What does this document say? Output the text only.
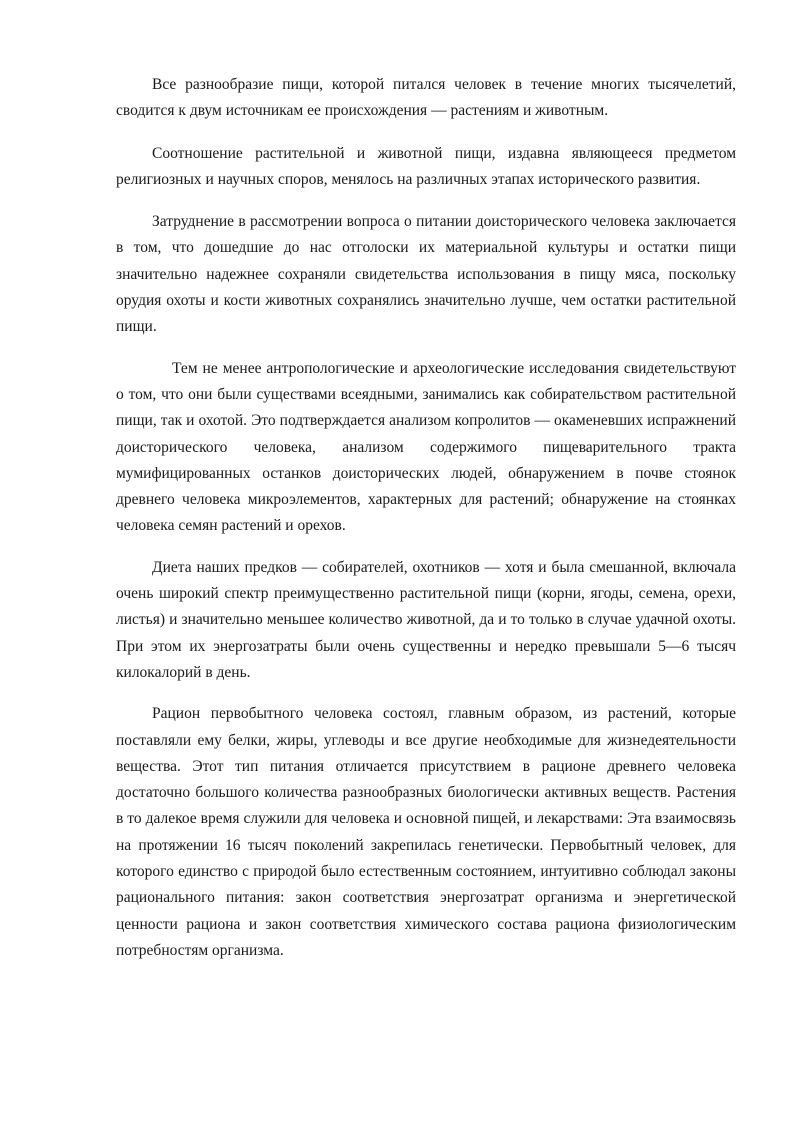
Все разнообразие пищи, которой питался человек в течение многих тысячелетий, сводится к двум источникам ее происхождения — растениям и животным.

Соотношение растительной и животной пищи, издавна являющееся предметом религиозных и научных споров, менялось на различных этапах исторического развития.

Затруднение в рассмотрении вопроса о питании доисторического человека заключается в том, что дошедшие до нас отголоски их материальной культуры и остатки пищи значительно надежнее сохраняли свидетельства использования в пищу мяса, поскольку орудия охоты и кости животных сохранялись значительно лучше, чем остатки растительной пищи.

Тем не менее антропологические и археологические исследования свидетельствуют о том, что они были существами всеядными, занимались как собирательством растительной пищи, так и охотой. Это подтверждается анализом копролитов — окаменевших испражнений доисторического человека, анализом содержимого пищеварительного тракта мумифицированных останков доисторических людей, обнаружением в почве стоянок древнего человека микроэлементов, характерных для растений; обнаружение на стоянках человека семян растений и орехов.

Диета наших предков — собирателей, охотников — хотя и была смешанной, включала очень широкий спектр преимущественно растительной пищи (корни, ягоды, семена, орехи, листья) и значительно меньшее количество животной, да и то только в случае удачной охоты. При этом их энергозатраты были очень существенны и нередко превышали 5—6 тысяч килокалорий в день.

Рацион первобытного человека состоял, главным образом, из растений, которые поставляли ему белки, жиры, углеводы и все другие необходимые для жизнедеятельности вещества. Этот тип питания отличается присутствием в рационе древнего человека достаточно большого количества разнообразных биологически активных веществ. Растения в то далекое время служили для человека и основной пищей, и лекарствами: Эта взаимосвязь на протяжении 16 тысяч поколений закрепилась генетически. Первобытный человек, для которого единство с природой было естественным состоянием, интуитивно соблюдал законы рационального питания: закон соответствия энергозатрат организма и энергетической ценности рациона и закон соответствия химического состава рациона физиологическим потребностям организма.
